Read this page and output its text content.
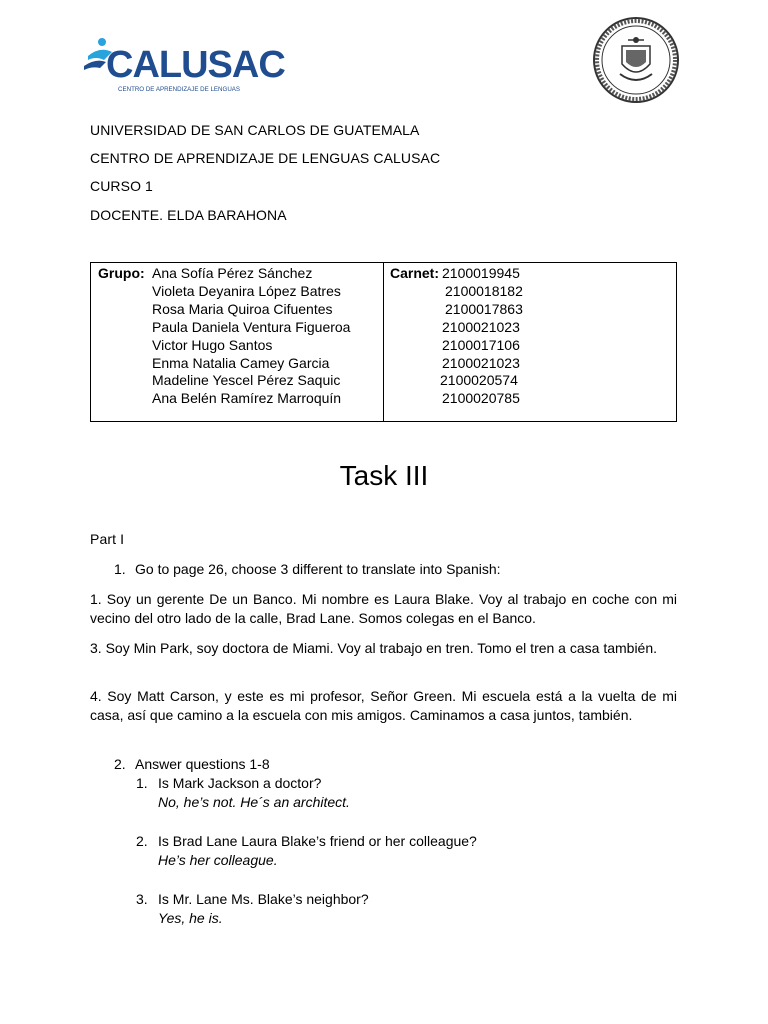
CALUSAC
CENTRO DE APRENDIZAJE DE LENGUAS
UNIVERSIDAD DE SAN CARLOS DE GUATEMALA
CENTRO DE APRENDIZAJE DE LENGUAS CALUSAC
CURSO 1
DOCENTE. ELDA BARAHONA
Grupo: Ana Sofía Pérez Sánchez
Violeta Deyanira López Batres
Rosa Maria Quiroa Cifuentes
Paula Daniela Ventura Figueroa
Victor Hugo Santos
Enma Natalia Camey Garcia
Madeline Yescel Pérez Saquic
Ana Belén Ramírez Marroquín
Carnet: 2100019945
2100018182
2100017863
2100021023
2100017106
2100021023
2100020574
2100020785
Task III
Part I
1. Go to page 26, choose 3 different to translate into Spanish:
1. Soy un gerente De un Banco. Mi nombre es Laura Blake. Voy al trabajo en coche con mi vecino del otro lado de la calle, Brad Lane. Somos colegas en el Banco.
3. Soy Min Park, soy doctora de Miami. Voy al trabajo en tren. Tomo el tren a casa también.
4. Soy Matt Carson, y este es mi profesor, Señor Green. Mi escuela está a la vuelta de mi casa, así que camino a la escuela con mis amigos. Caminamos a casa juntos, también.
2. Answer questions 1-8
1. Is Mark Jackson a doctor?
No, he’s not. He´s an architect.
2. Is Brad Lane Laura Blake’s friend or her colleague?
He’s her colleague.
3. Is Mr. Lane Ms. Blake’s neighbor?
Yes, he is.
